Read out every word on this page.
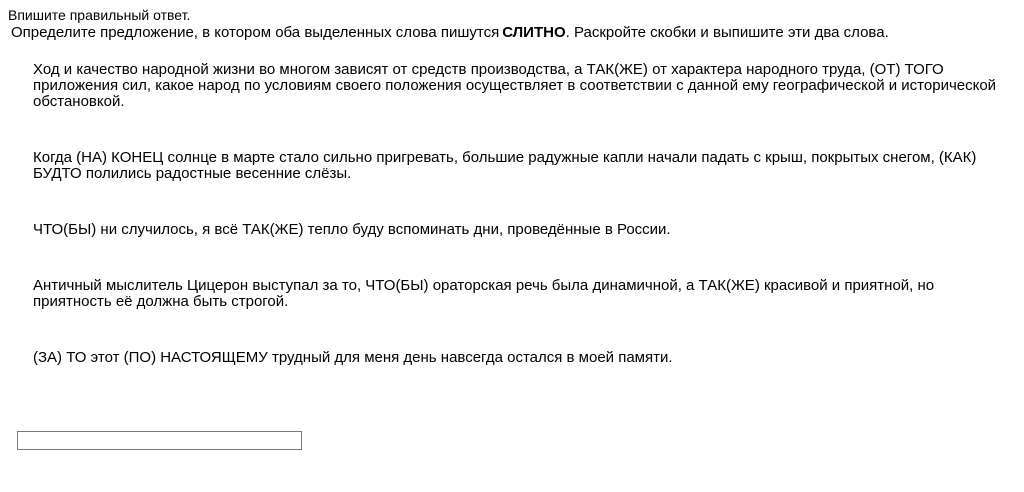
Впишите правильный ответ.
Определите предложение, в котором оба выделенных слова пишутся СЛИТНО. Раскройте скобки и выпишите эти два слова.

Ход и качество народной жизни во многом зависят от средств производства, а ТАК(ЖЕ) от характера народного труда, (ОТ) ТОГО приложения сил, какое народ по условиям своего положения осуществляет в соответствии с данной ему географической и исторической обстановкой.

Когда (НА) КОНЕЦ солнце в марте стало сильно пригревать, большие радужные капли начали падать с крыш, покрытых снегом, (КАК) БУДТО полились радостные весенние слёзы.

ЧТО(БЫ) ни случилось, я всё ТАК(ЖЕ) тепло буду вспоминать дни, проведённые в России.

Античный мыслитель Цицерон выступал за то, ЧТО(БЫ) ораторская речь была динамичной, а ТАК(ЖЕ) красивой и приятной, но приятность её должна быть строгой.

(ЗА) ТО этот (ПО) НАСТОЯЩЕМУ трудный для меня день навсегда остался в моей памяти.
